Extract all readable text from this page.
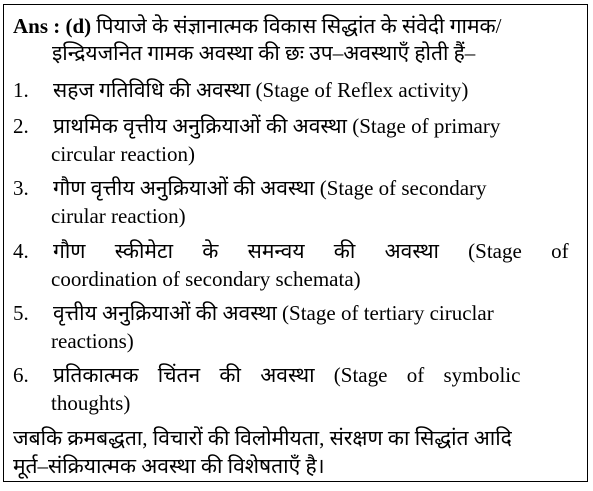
Ans : (d) पियाजे के संज्ञानात्मक विकास सिद्धांत के संवेदी गामक/
इन्द्रियजनित गामक अवस्था की छः उप–अवस्थाएँ होती हैं–
1. सहज गतिविधि की अवस्था (Stage of Reflex activity)
2. प्राथमिक वृत्तीय अनुक्रियाओं की अवस्था (Stage of primary
circular reaction)
3. गौण वृत्तीय अनुक्रियाओं की अवस्था (Stage of secondary
cirular reaction)
4. गौण स्कीमेटा के समन्वय की अवस्था (Stage of
coordination of secondary schemata)
5. वृत्तीय अनुक्रियाओं की अवस्था (Stage of tertiary ciruclar
reactions)
6. प्रतिकात्मक चिंतन की अवस्था (Stage of symbolic
thoughts)
जबकि क्रमबद्धता, विचारों की विलोमीयता, संरक्षण का सिद्धांत आदि
मूर्त–संक्रियात्मक अवस्था की विशेषताएँ है।
